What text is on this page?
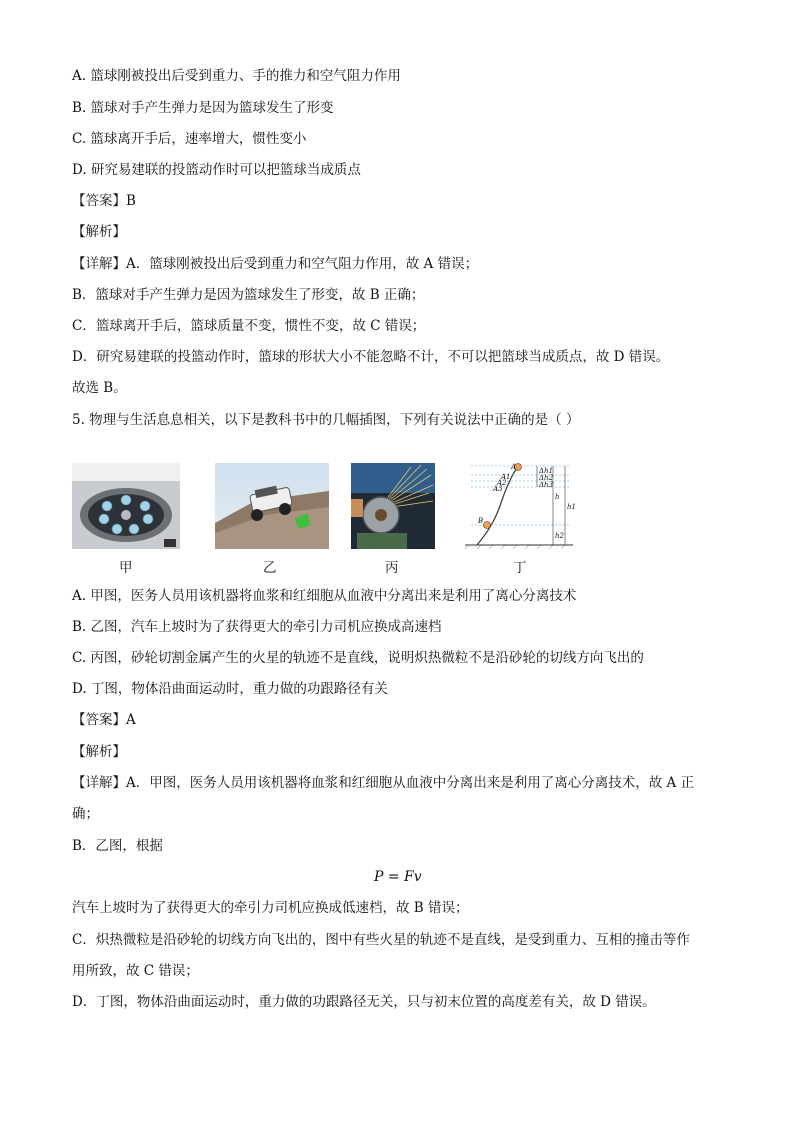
A. 篮球刚被投出后受到重力、手的推力和空气阻力作用
B. 篮球对手产生弹力是因为篮球发生了形变
C. 篮球离开手后，速率增大，惯性变小
D. 研究易建联的投篮动作时可以把篮球当成质点
【答案】B
【解析】
【详解】A．篮球刚被投出后受到重力和空气阻力作用，故 A 错误；
B．篮球对手产生弹力是因为篮球发生了形变，故 B 正确；
C．篮球离开手后，篮球质量不变，惯性不变，故 C 错误；
D．研究易建联的投篮动作时，篮球的形状大小不能忽略不计，不可以把篮球当成质点，故 D 错误。
故选 B。
5. 物理与生活息息相关，以下是教科书中的几幅插图，下列有关说法中正确的是（ ）
A
A1
A2
A3
B
Δh1
Δh2
Δh3
h
h1
h2
甲	乙	丙	丁
A. 甲图，医务人员用该机器将血浆和红细胞从血液中分离出来是利用了离心分离技术
B. 乙图，汽车上坡时为了获得更大的牵引力司机应换成高速档
C. 丙图，砂轮切割金属产生的火星的轨迹不是直线，说明炽热微粒不是沿砂轮的切线方向飞出的
D. 丁图，物体沿曲面运动时，重力做的功跟路径有关
【答案】A
【解析】
【详解】A．甲图，医务人员用该机器将血浆和红细胞从血液中分离出来是利用了离心分离技术，故 A 正
确；
B．乙图，根据
P = Fv
汽车上坡时为了获得更大的牵引力司机应换成低速档，故 B 错误；
C．炽热微粒是沿砂轮的切线方向飞出的，图中有些火星的轨迹不是直线，是受到重力、互相的撞击等作
用所致，故 C 错误；
D．丁图，物体沿曲面运动时，重力做的功跟路径无关，只与初末位置的高度差有关，故 D 错误。
